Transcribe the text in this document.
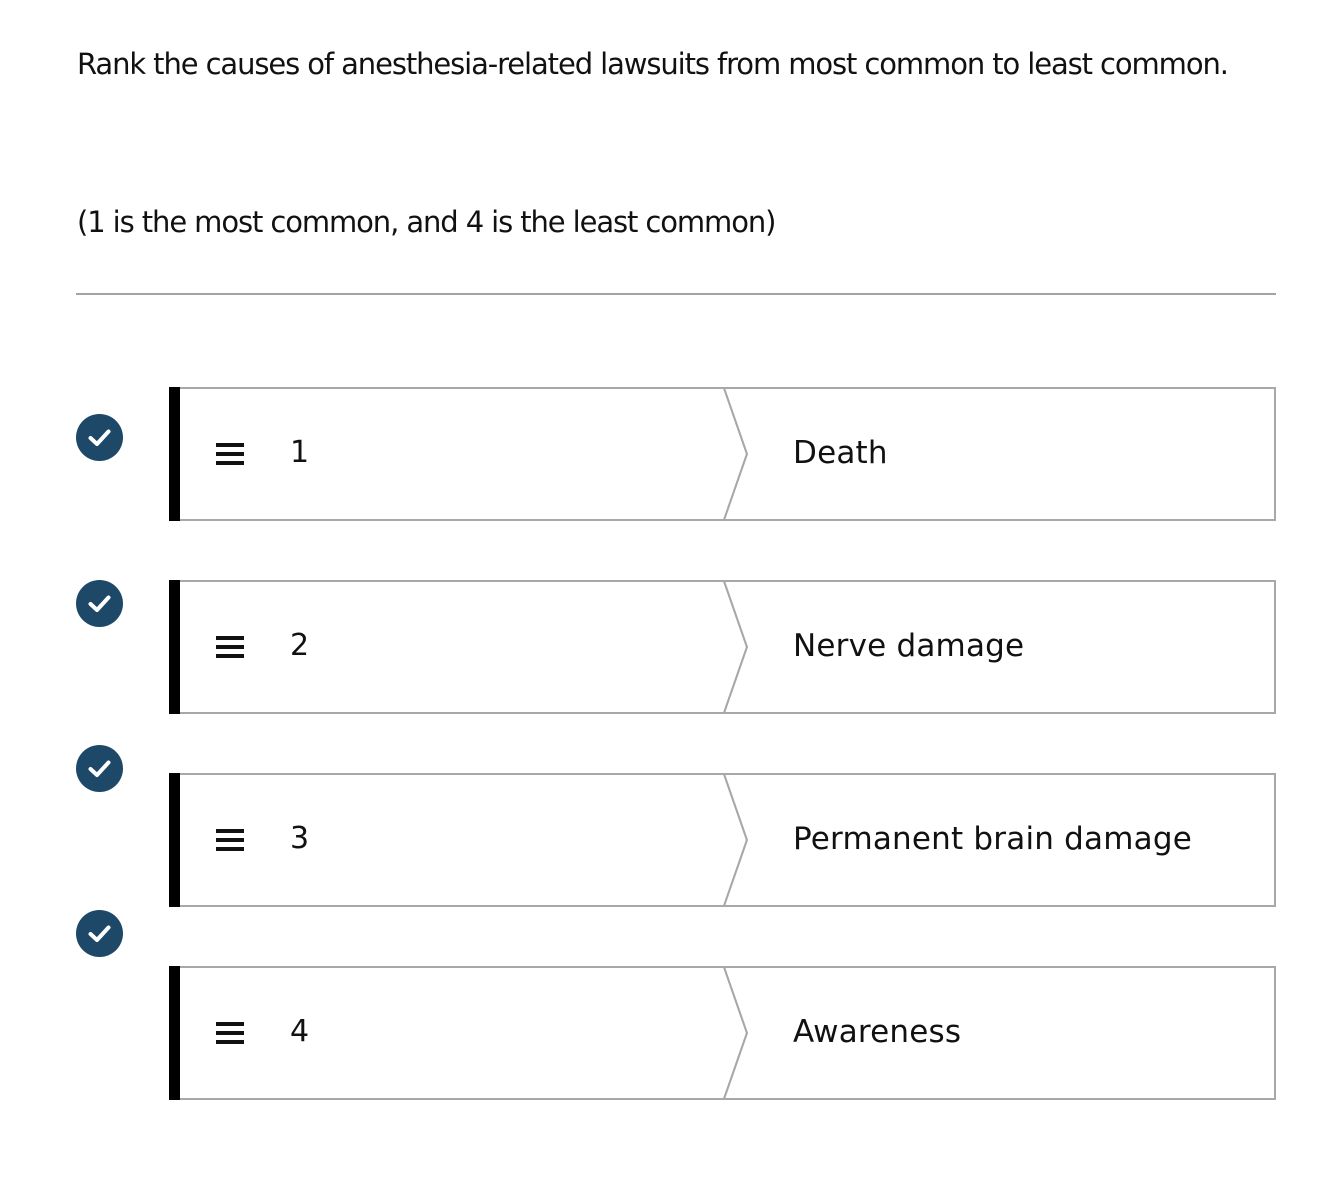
Rank the causes of anesthesia-related lawsuits from most common to least common.
(1 is the most common, and 4 is the least common)
1	Death
2	Nerve damage
3	Permanent brain damage
4	Awareness
